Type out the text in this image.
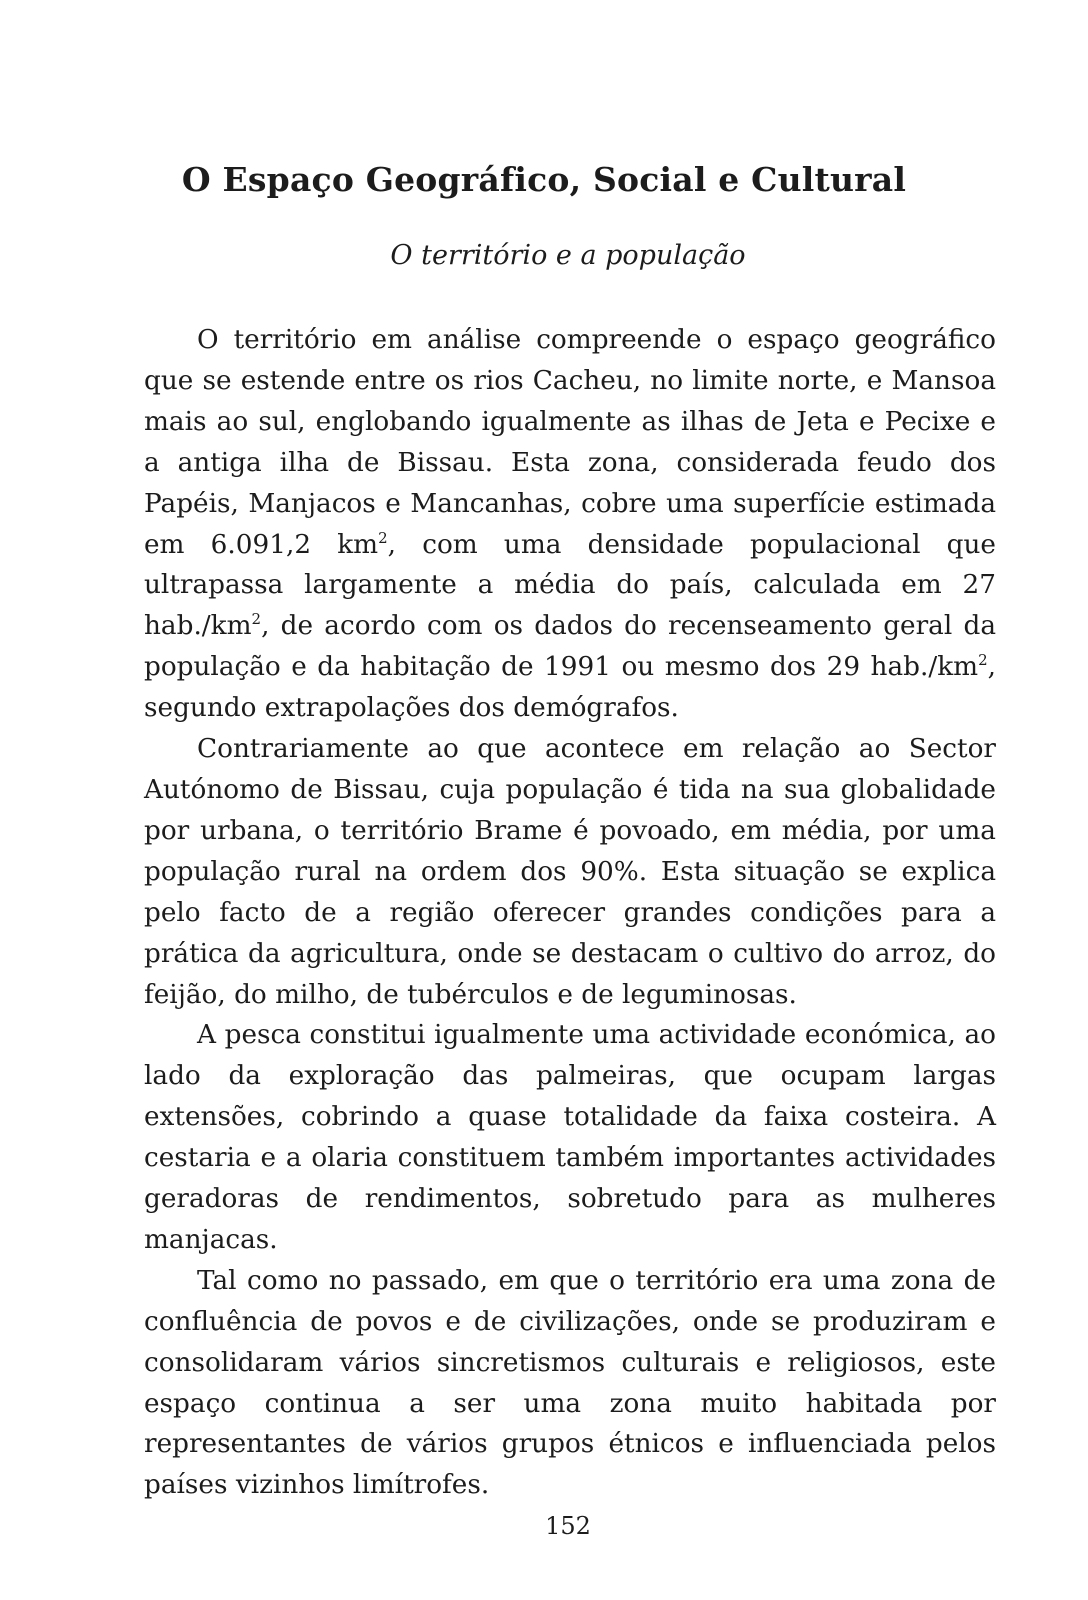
O Espaço Geográfico, Social e Cultural
O território e a população

O território em análise compreende o espaço geográfico que se estende entre os rios Cacheu, no limite norte, e Mansoa mais ao sul, englobando igualmente as ilhas de Jeta e Pecixe e a antiga ilha de Bissau. Esta zona, considerada feudo dos Papéis, Manjacos e Mancanhas, cobre uma superfície estimada em 6.091,2 $km^2$, com uma densidade populacional que ultrapassa largamente a média do país, calculada em 27 $hab./km^2$, de acordo com os dados do recenseamento geral da população e da habitação de 1991 ou mesmo dos 29 $hab./km^2$, segundo extrapolações dos demógrafos.

Contrariamente ao que acontece em relação ao Sector Autónomo de Bissau, cuja população é tida na sua globalidade por urbana, o território Brame é povoado, em média, por uma população rural na ordem dos 90%. Esta situação se explica pelo facto de a região oferecer grandes condições para a prática da agricultura, onde se destacam o cultivo do arroz, do feijão, do milho, de tubérculos e de leguminosas.

A pesca constitui igualmente uma actividade económica, ao lado da exploração das palmeiras, que ocupam largas extensões, cobrindo a quase totalidade da faixa costeira. A cestaria e a olaria constituem também importantes actividades geradoras de rendimentos, sobretudo para as mulheres manjacas.

Tal como no passado, em que o território era uma zona de confluência de povos e de civilizações, onde se produziram e consolidaram vários sincretismos culturais e religiosos, este espaço continua a ser uma zona muito habitada por representantes de vários grupos étnicos e influenciada pelos países vizinhos limítrofes.

152
